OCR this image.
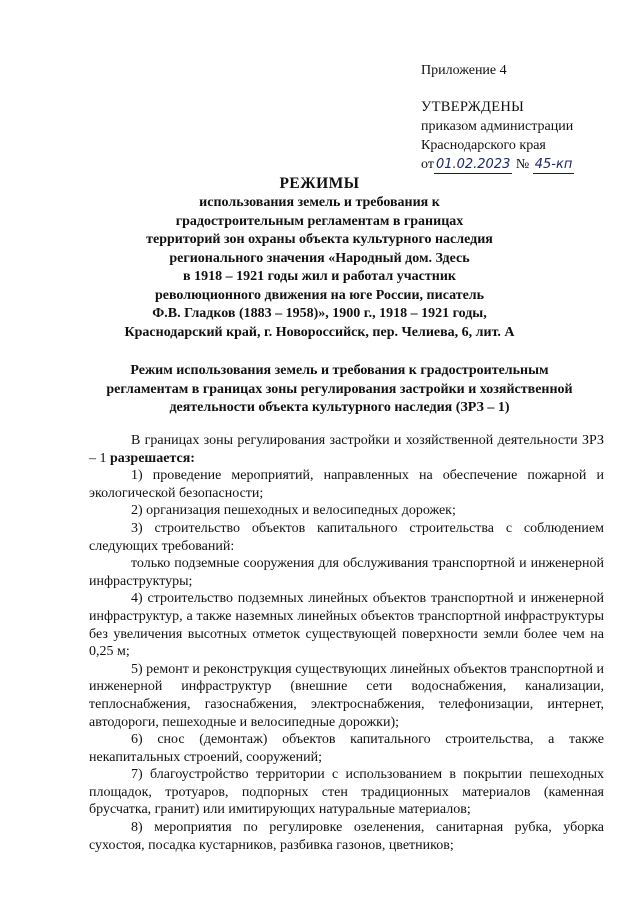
Приложение 4
УТВЕРЖДЕНЫ
приказом администрации
Краснодарского края
от 01.02.2023 № 45-кп
РЕЖИМЫ
использования земель и требования к
градостроительным регламентам в границах
территорий зон охраны объекта культурного наследия
регионального значения «Народный дом. Здесь
в 1918 – 1921 годы жил и работал участник
революционного движения на юге России, писатель
Ф.В. Гладков (1883 – 1958)», 1900 г., 1918 – 1921 годы,
Краснодарский край, г. Новороссийск, пер. Челиева, 6, лит. А
Режим использования земель и требования к градостроительным
регламентам в границах зоны регулирования застройки и хозяйственной
деятельности объекта культурного наследия (ЗРЗ – 1)

В границах зоны регулирования застройки и хозяйственной деятельности ЗРЗ – 1 разрешается:

1) проведение мероприятий, направленных на обеспечение пожарной и экологической безопасности;

2) организация пешеходных и велосипедных дорожек;

3) строительство объектов капитального строительства с соблюдением следующих требований:

только подземные сооружения для обслуживания транспортной и инженерной инфраструктуры;

4) строительство подземных линейных объектов транспортной и инженерной инфраструктур, а также наземных линейных объектов транспортной инфраструктуры без увеличения высотных отметок существующей поверхности земли более чем на 0,25 м;

5) ремонт и реконструкция существующих линейных объектов транспортной и инженерной инфраструктур (внешние сети водоснабжения, канализации, теплоснабжения, газоснабжения, электроснабжения, телефонизации, интернет, автодороги, пешеходные и велосипедные дорожки);

6) снос (демонтаж) объектов капитального строительства, а также некапитальных строений, сооружений;

7) благоустройство территории с использованием в покрытии пешеходных площадок, тротуаров, подпорных стен традиционных материалов (каменная брусчатка, гранит) или имитирующих натуральные материалов;

8) мероприятия по регулировке озеленения, санитарная рубка, уборка сухостоя, посадка кустарников, разбивка газонов, цветников;
